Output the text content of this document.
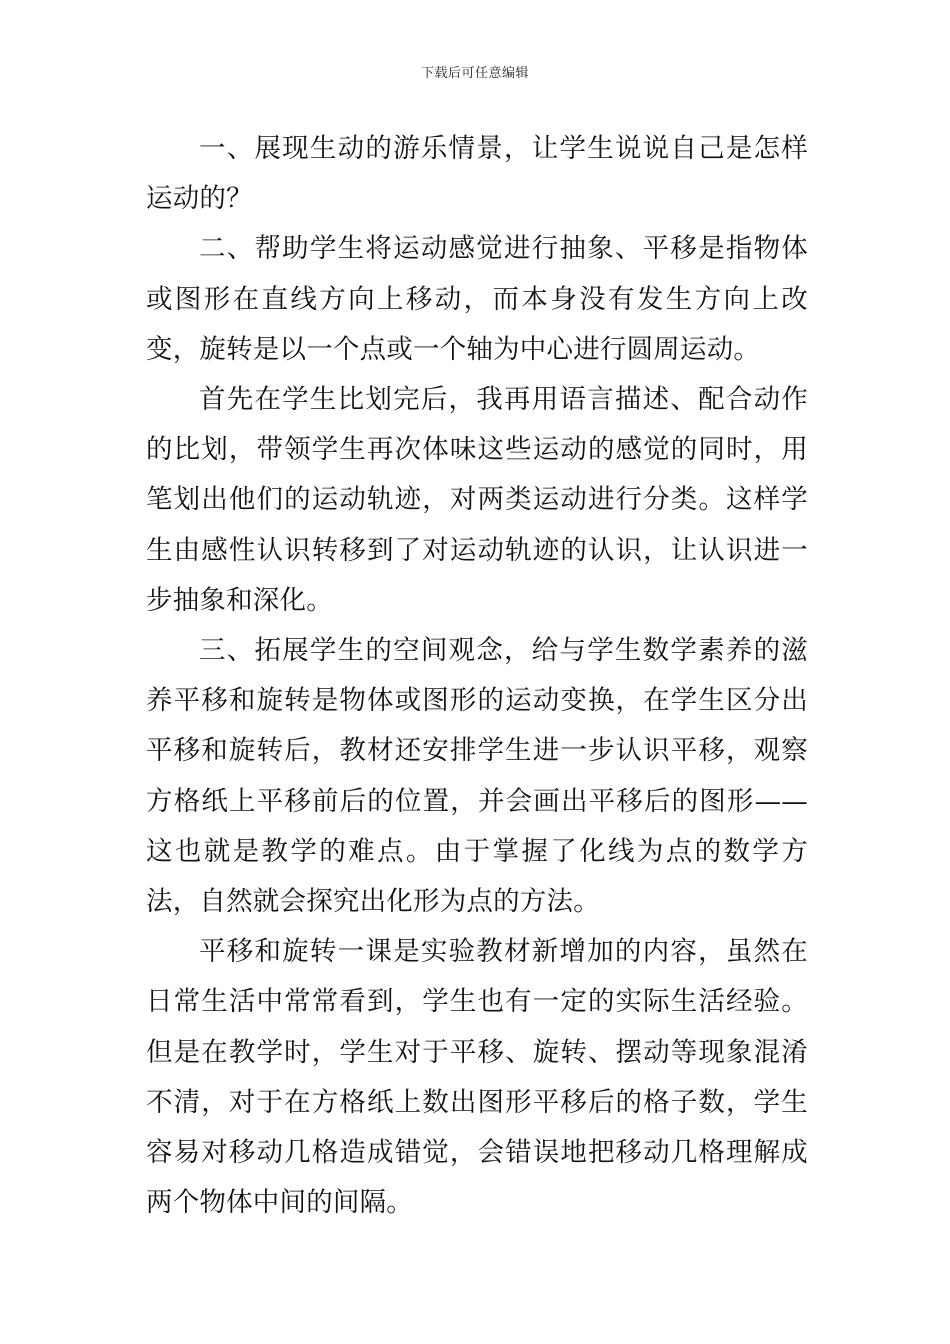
下载后可任意编辑

一、展现生动的游乐情景，让学生说说自己是怎样运动的？

二、帮助学生将运动感觉进行抽象、平移是指物体或图形在直线方向上移动，而本身没有发生方向上改变，旋转是以一个点或一个轴为中心进行圆周运动。

首先在学生比划完后，我再用语言描述、配合动作的比划，带领学生再次体味这些运动的感觉的同时，用笔划出他们的运动轨迹，对两类运动进行分类。这样学生由感性认识转移到了对运动轨迹的认识，让认识进一步抽象和深化。

三、拓展学生的空间观念，给与学生数学素养的滋养平移和旋转是物体或图形的运动变换，在学生区分出平移和旋转后，教材还安排学生进一步认识平移，观察方格纸上平移前后的位置，并会画出平移后的图形——这也就是教学的难点。由于掌握了化线为点的数学方法，自然就会探究出化形为点的方法。

平移和旋转一课是实验教材新增加的内容，虽然在日常生活中常常看到，学生也有一定的实际生活经验。但是在教学时，学生对于平移、旋转、摆动等现象混淆不清，对于在方格纸上数出图形平移后的格子数，学生容易对移动几格造成错觉，会错误地把移动几格理解成两个物体中间的间隔。
